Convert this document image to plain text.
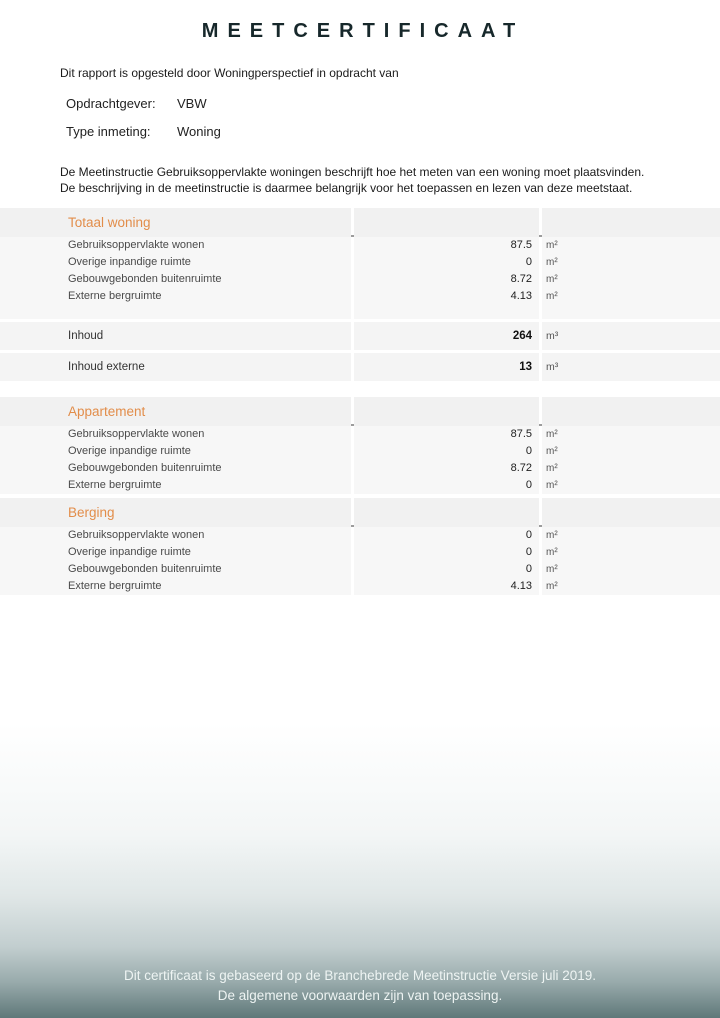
MEETCERTIFICAAT

Dit rapport is opgesteld door Woningperspectief in opdracht van

Opdrachtgever:	VBW
Type inmeting:	Woning
De Meetinstructie Gebruiksoppervlakte woningen beschrijft hoe het meten van een woning moet plaatsvinden.
De beschrijving in de meetinstructie is daarmee belangrijk voor het toepassen en lezen van deze meetstaat.
Totaal woning
Gebruiksoppervlakte wonen	87.5	m²
Overige inpandige ruimte	0	m²
Gebouwgebonden buitenruimte	8.72	m²
Externe bergruimte	4.13	m²
Inhoud	264	m³
Inhoud externe	13	m³
Appartement
Gebruiksoppervlakte wonen	87.5	m²
Overige inpandige ruimte	0	m²
Gebouwgebonden buitenruimte	8.72	m²
Externe bergruimte	0	m²
Berging
Gebruiksoppervlakte wonen	0	m²
Overige inpandige ruimte	0	m²
Gebouwgebonden buitenruimte	0	m²
Externe bergruimte	4.13	m²
Dit certificaat is gebaseerd op de Branchebrede Meetinstructie Versie juli 2019.
De algemene voorwaarden zijn van toepassing.
